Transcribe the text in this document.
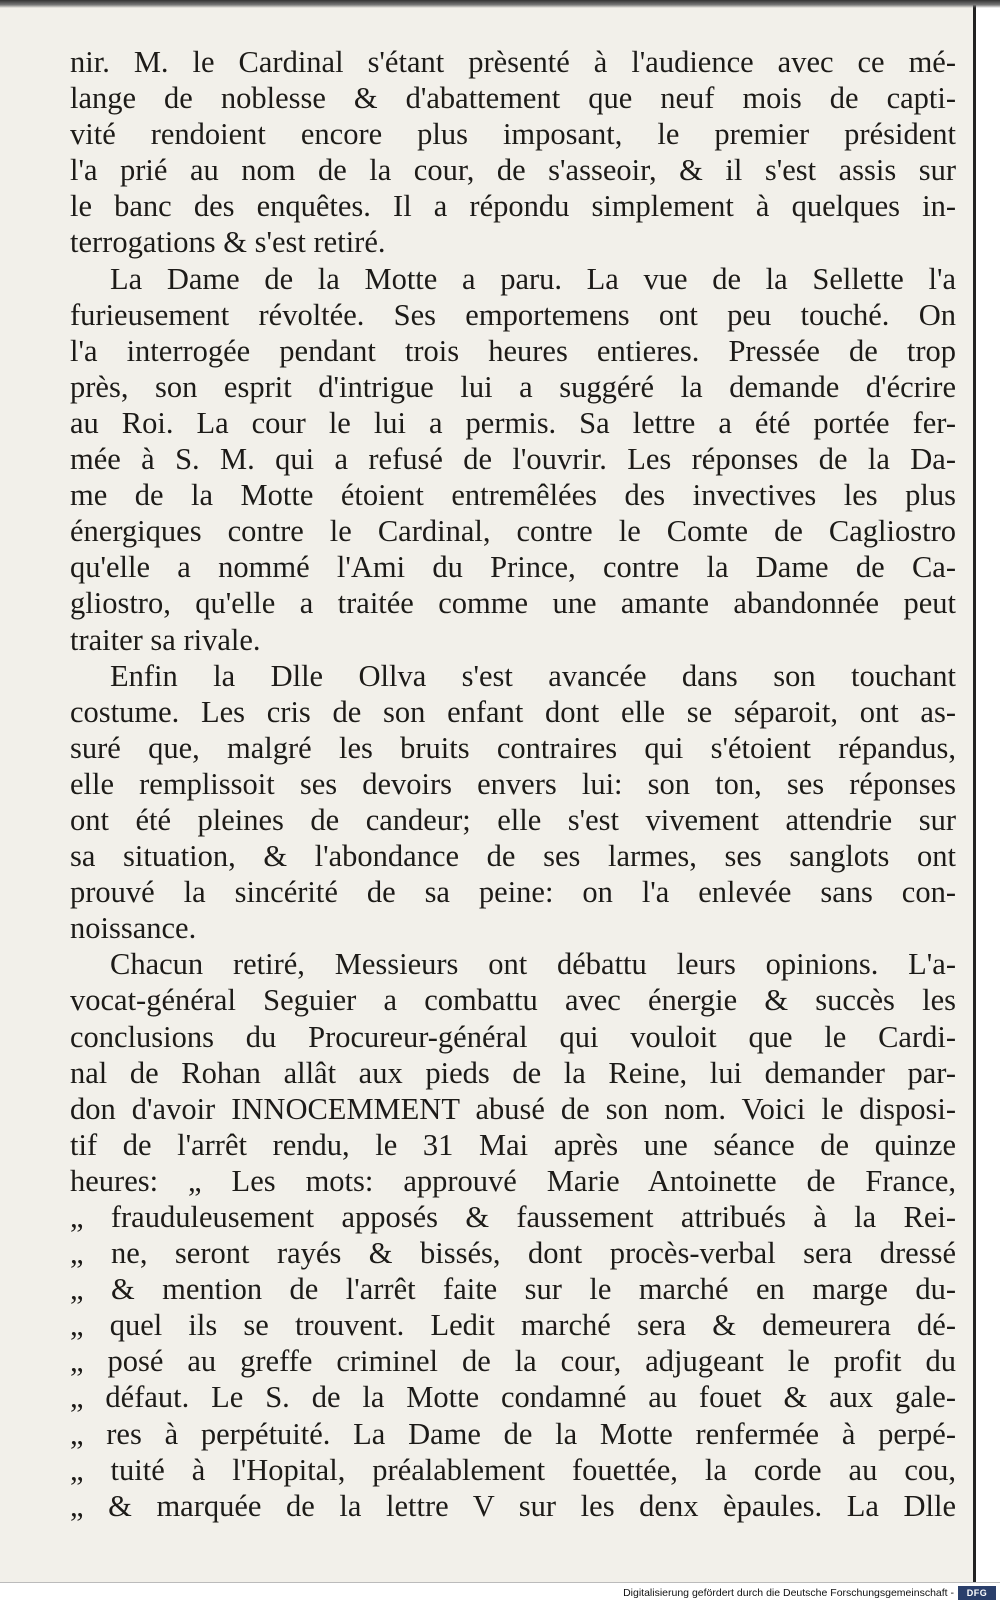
nir. M. le Cardinal s'étant prèsenté à l'audience avec ce mé-
lange de noblesse & d'abattement que neuf mois de capti-
vité rendoient encore plus imposant, le premier président
l'a prié au nom de la cour, de s'asseoir, & il s'est assis sur
le banc des enquêtes. Il a répondu simplement à quelques in-
terrogations & s'est retiré.
La Dame de la Motte a paru. La vue de la Sellette l'a
furieusement révoltée. Ses emportemens ont peu touché. On
l'a interrogée pendant trois heures entieres. Pressée de trop
près, son esprit d'intrigue lui a suggéré la demande d'écrire
au Roi. La cour le lui a permis. Sa lettre a été portée fer-
mée à S. M. qui a refusé de l'ouvrir. Les réponses de la Da-
me de la Motte étoient entremêlées des invectives les plus
énergiques contre le Cardinal, contre le Comte de Cagliostro
qu'elle a nommé l'Ami du Prince, contre la Dame de Ca-
gliostro, qu'elle a traitée comme une amante abandonnée peut
traiter sa rivale.
Enfin la Dlle Ollva s'est avancée dans son touchant
costume. Les cris de son enfant dont elle se séparoit, ont as-
suré que, malgré les bruits contraires qui s'étoient répandus,
elle remplissoit ses devoirs envers lui: son ton, ses réponses
ont été pleines de candeur; elle s'est vivement attendrie sur
sa situation, & l'abondance de ses larmes, ses sanglots ont
prouvé la sincérité de sa peine: on l'a enlevée sans con-
noissance.
Chacun retiré, Messieurs ont débattu leurs opinions. L'a-
vocat-général Seguier a combattu avec énergie & succès les
conclusions du Procureur-général qui vouloit que le Cardi-
nal de Rohan allât aux pieds de la Reine, lui demander par-
don d'avoir INNOCEMMENT abusé de son nom. Voici le disposi-
tif de l'arrêt rendu, le 31 Mai après une séance de quinze
heures: „ Les mots: approuvé Marie Antoinette de France,
„ frauduleusement apposés & faussement attribués à la Rei-
„ ne, seront rayés & bissés, dont procès-verbal sera dressé
„ & mention de l'arrêt faite sur le marché en marge du-
„ quel ils se trouvent. Ledit marché sera & demeurera dé-
„ posé au greffe criminel de la cour, adjugeant le profit du
„ défaut. Le S. de la Motte condamné au fouet & aux gale-
„ res à perpétuité. La Dame de la Motte renfermée à perpé-
„ tuité à l'Hopital, préalablement fouettée, la corde au cou,
„ & marquée de la lettre V sur les denx èpaules. La Dlle
Digitalisierung gefördert durch die Deutsche Forschungsgemeinschaft -	DFG
